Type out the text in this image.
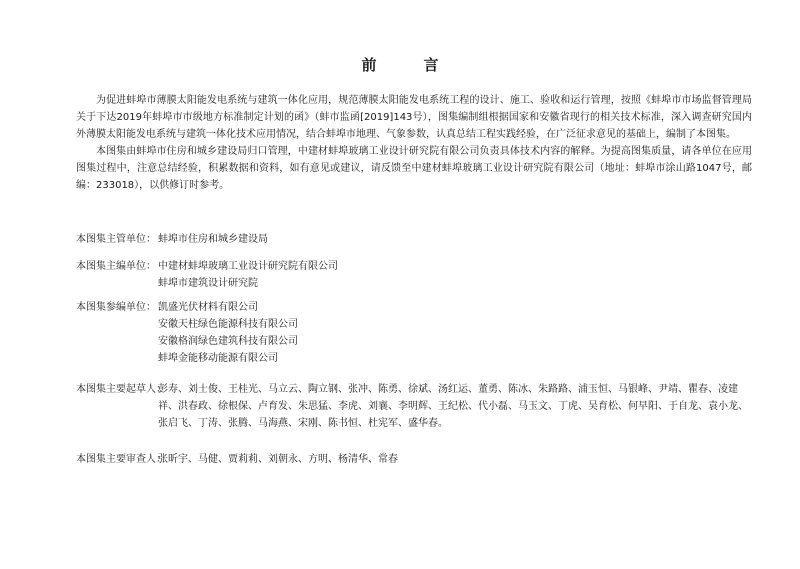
前　言

为促进蚌埠市薄膜太阳能发电系统与建筑一体化应用，规范薄膜太阳能发电系统工程的设计、施工、验收和运行管理，按照《蚌埠市市场监督管理局关于下达2019年蚌埠市市级地方标准制定计划的函》（蚌市监函[2019]143号），图集编制组根据国家和安徽省现行的相关技术标准，深入调查研究国内外薄膜太阳能发电系统与建筑一体化技术应用情况，结合蚌埠市地理、气象参数，认真总结工程实践经验，在广泛征求意见的基础上，编制了本图集。

本图集由蚌埠市住房和城乡建设局归口管理，中建材蚌埠玻璃工业设计研究院有限公司负责具体技术内容的解释。为提高图集质量，请各单位在应用图集过程中，注意总结经验，积累数据和资料，如有意见或建议，请反馈至中建材蚌埠玻璃工业设计研究院有限公司（地址：蚌埠市涂山路1047号，邮编：233018），以供修订时参考。

本图集主管单位： 蚌埠市住房和城乡建设局
本图集主编单位： 中建材蚌埠玻璃工业设计研究院有限公司
蚌埠市建筑设计研究院
本图集参编单位： 凯盛光伏材料有限公司
安徽天柱绿色能源科技有限公司
安徽格润绿色建筑科技有限公司
蚌埠金能移动能源有限公司
本图集主要起草人：
彭寿、刘士俊、王桂光、马立云、陶立钢、张冲、陈勇、徐斌、汤红运、董勇、陈冰、朱路路、浦玉恒、马银峰、尹靖、瞿春、凌建祥、洪春政、徐根保、卢育发、朱思猛、李虎、刘襄、李明辉、王纪松、代小磊、马玉文、丁虎、吴育松、何早阳、于自龙、袁小龙、张启飞、丁涛、张腾、马海燕、宋刚、陈书恒、杜宪军、盛华春。
本图集主要审查人：
张昕宇、马健、贾莉莉、刘朝永、方明、杨清华、常春
